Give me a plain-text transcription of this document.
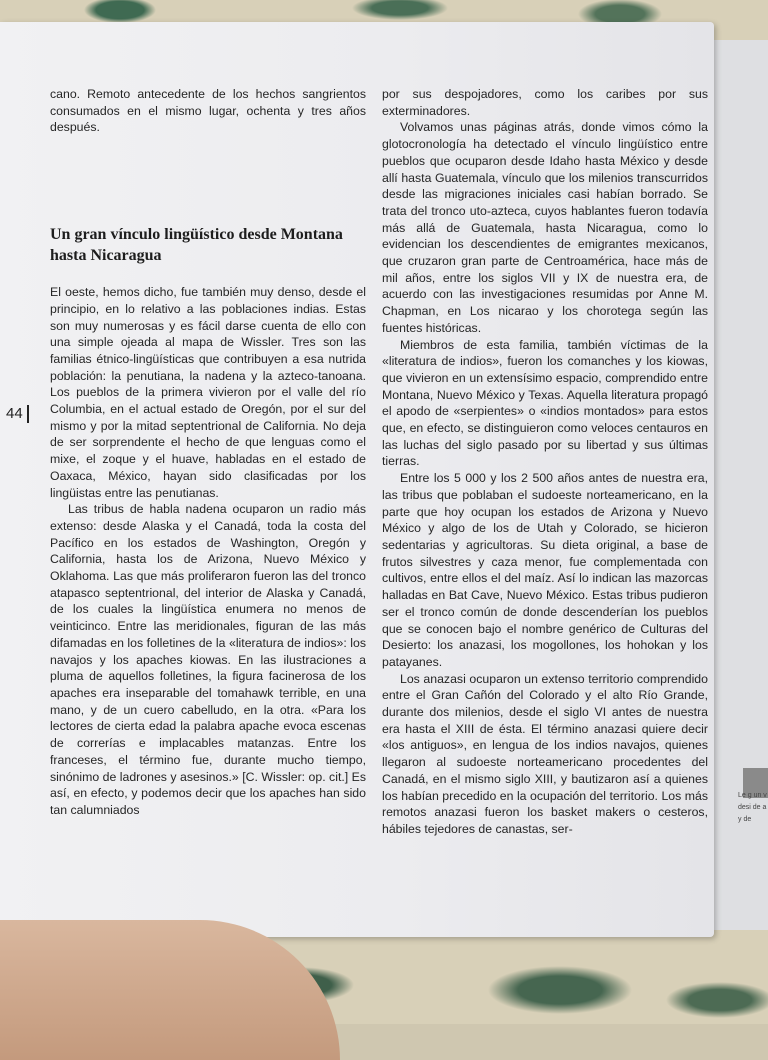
Le g un v desi de a y de
44

cano. Remoto antecedente de los hechos sangrientos consumados en el mismo lugar, ochenta y tres años después.

Un gran vínculo lingüístico desde Montana hasta Nicaragua

El oeste, hemos dicho, fue también muy denso, desde el principio, en lo relativo a las poblaciones indias. Estas son muy numerosas y es fácil darse cuenta de ello con una simple ojeada al mapa de Wissler. Tres son las familias étnico-lingüísticas que contribuyen a esa nutrida población: la penutiana, la nadena y la azteco-tanoana. Los pueblos de la primera vivieron por el valle del río Columbia, en el actual estado de Oregón, por el sur del mismo y por la mitad septentrional de California. No deja de ser sorprendente el hecho de que lenguas como el mixe, el zoque y el huave, habladas en el estado de Oaxaca, México, hayan sido clasificadas por los lingüistas entre las penutianas.

Las tribus de habla nadena ocuparon un radio más extenso: desde Alaska y el Canadá, toda la costa del Pacífico en los estados de Washington, Oregón y California, hasta los de Arizona, Nuevo México y Oklahoma. Las que más proliferaron fueron las del tronco atapasco septentrional, del interior de Alaska y Canadá, de los cuales la lingüística enumera no menos de veinticinco. Entre las meridionales, figuran de las más difamadas en los folletines de la «literatura de indios»: los navajos y los apaches kiowas. En las ilustraciones a pluma de aquellos folletines, la figura facinerosa de los apaches era inseparable del tomahawk terrible, en una mano, y de un cuero cabelludo, en la otra. «Para los lectores de cierta edad la palabra apache evoca escenas de correrías e implacables matanzas. Entre los franceses, el término fue, durante mucho tiempo, sinónimo de ladrones y asesinos.» [C. Wissler: op. cit.] Es así, en efecto, y podemos decir que los apaches han sido tan calumniados

por sus despojadores, como los caribes por sus exterminadores.

Volvamos unas páginas atrás, donde vimos cómo la glotocronología ha detectado el vínculo lingüístico entre pueblos que ocuparon desde Idaho hasta México y desde allí hasta Guatemala, vínculo que los milenios transcurridos desde las migraciones iniciales casi habían borrado. Se trata del tronco uto-azteca, cuyos hablantes fueron todavía más allá de Guatemala, hasta Nicaragua, como lo evidencian los descendientes de emigrantes mexicanos, que cruzaron gran parte de Centroamérica, hace más de mil años, entre los siglos VII y IX de nuestra era, de acuerdo con las investigaciones resumidas por Anne M. Chapman, en Los nicarao y los chorotega según las fuentes históricas.

Miembros de esta familia, también víctimas de la «literatura de indios», fueron los comanches y los kiowas, que vivieron en un extensísimo espacio, comprendido entre Montana, Nuevo México y Texas. Aquella literatura propagó el apodo de «serpientes» o «indios montados» para estos que, en efecto, se distinguieron como veloces centauros en las luchas del siglo pasado por su libertad y sus últimas tierras.

Entre los 5 000 y los 2 500 años antes de nuestra era, las tribus que poblaban el sudoeste norteamericano, en la parte que hoy ocupan los estados de Arizona y Nuevo México y algo de los de Utah y Colorado, se hicieron sedentarias y agricultoras. Su dieta original, a base de frutos silvestres y caza menor, fue complementada con cultivos, entre ellos el del maíz. Así lo indican las mazorcas halladas en Bat Cave, Nuevo México. Estas tribus pudieron ser el tronco común de donde descenderían los pueblos que se conocen bajo el nombre genérico de Culturas del Desierto: los anazasi, los mogollones, los hohokan y los patayanes.

Los anazasi ocuparon un extenso territorio comprendido entre el Gran Cañón del Colorado y el alto Río Grande, durante dos milenios, desde el siglo VI antes de nuestra era hasta el XIII de ésta. El término anazasi quiere decir «los antiguos», en lengua de los indios navajos, quienes llegaron al sudoeste norteamericano procedentes del Canadá, en el mismo siglo XIII, y bautizaron así a quienes los habían precedido en la ocupación del territorio. Los más remotos anazasi fueron los basket makers o cesteros, hábiles tejedores de canastas, ser-
